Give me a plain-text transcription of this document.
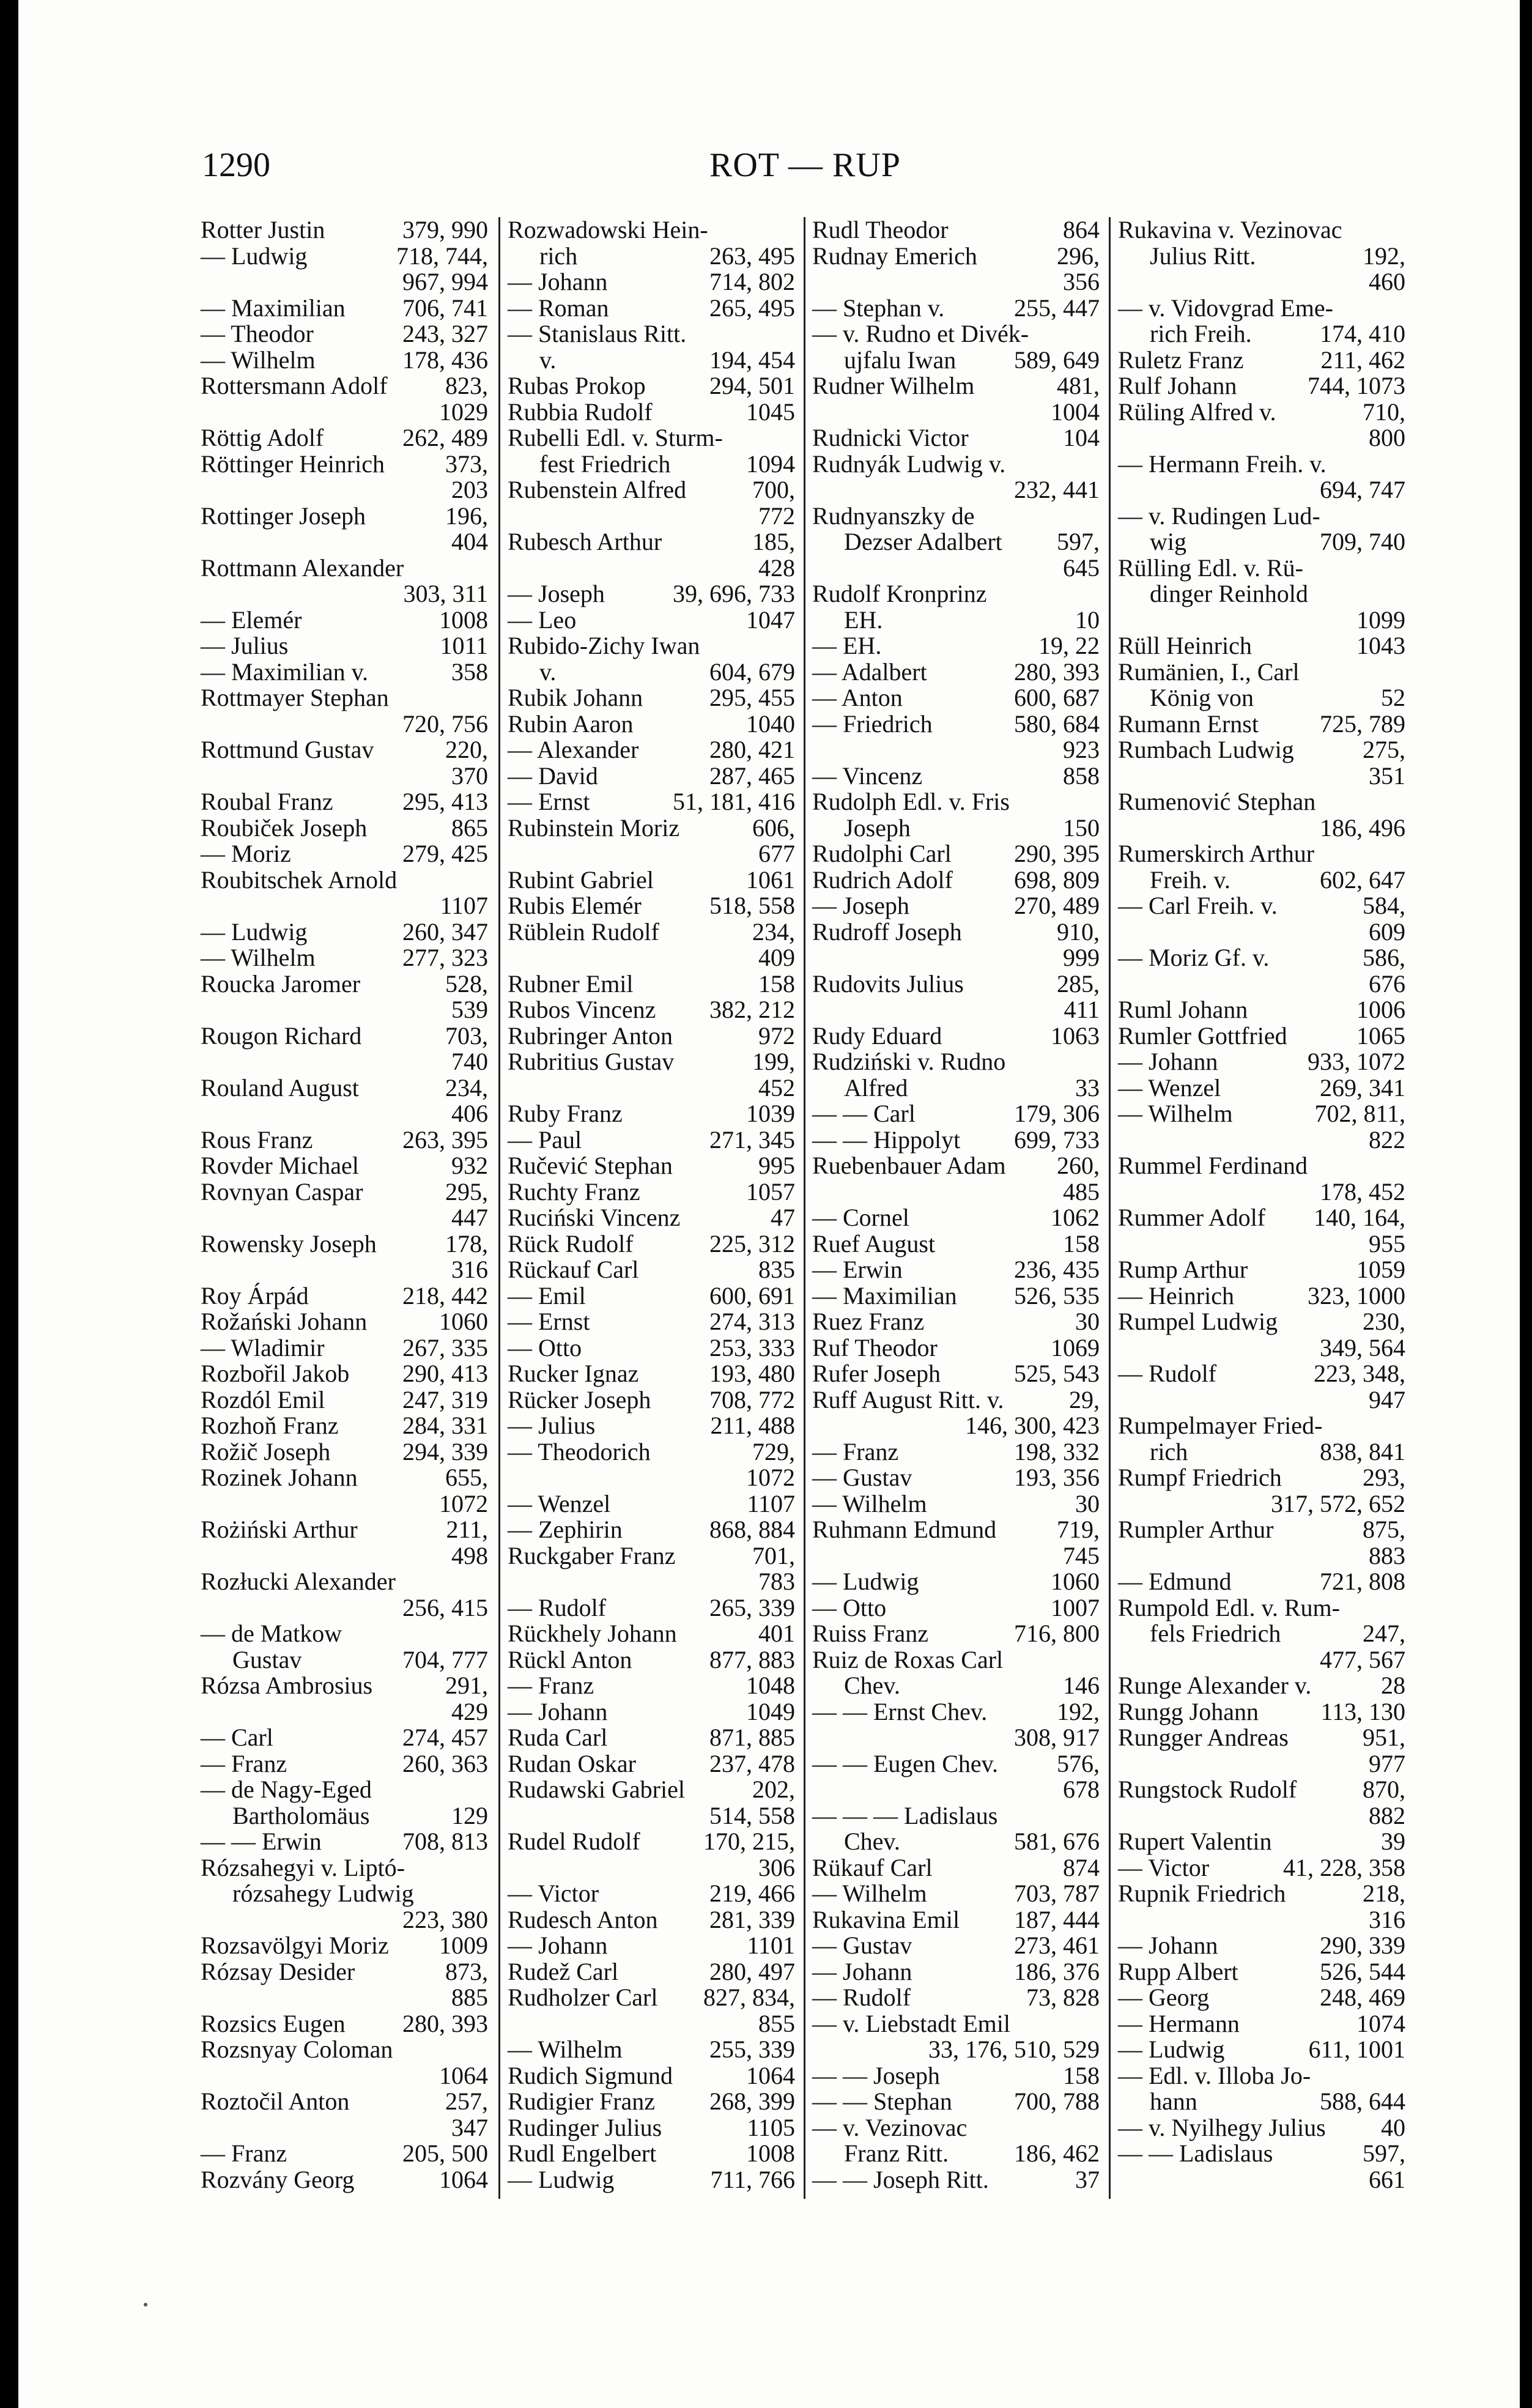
1290	ROT — RUP
Rotter Justin	379, 990
— Ludwig	718, 744,
967, 994
— Maximilian 706, 741
— Theodor	243, 327
— Wilhelm	178, 436
Rottersmann Adolf 823,
1029
Röttig Adolf	262, 489
Röttinger Heinrich 373,
203
Rottinger Joseph	196,
404
Rottmann Alexander
303, 311
— Elemér	1008
— Julius	1011
— Maximilian v.	358
Rottmayer Stephan
720, 756
Rottmund Gustav	220,
370
Roubal Franz	295, 413
Roubiček Joseph	865
— Moriz	279, 425
Roubitschek Arnold
1107
— Ludwig	260, 347
— Wilhelm	277, 323
Roucka Jaromer	528,
539
Rougon Richard	703,
740
Rouland August	234,
406
Rous Franz	263, 395
Rovder Michael	932
Rovnyan Caspar	295,
447
Rowensky Joseph	178,
316
Roy Árpád	218, 442
Rožański Johann	1060
— Wladimir	267, 335
Rozbořil Jakob 290, 413
Rozdól Emil	247, 319
Rozhoň Franz	284, 331
Rožič Joseph	294, 339
Rozinek Johann	655,
1072
Rożiński Arthur	211,
498
Rozłucki Alexander
256, 415
— de Matkow
Gustav	704, 777
Rózsa Ambrosius	291,
429
— Carl	274, 457
— Franz	260, 363
— de Nagy-Eged
Bartholomäus	129
— — Erwin	708, 813
Rózsahegyi v. Liptó-
rózsahegy Ludwig
223, 380
Rozsavölgyi Moriz 1009
Rózsay Desider	873,
885
Rozsics Eugen 280, 393
Rozsnyay Coloman
1064
Roztočil Anton	257,
347
— Franz	205, 500
Rozvány Georg	1064
Rozwadowski Hein-
rich	263, 495
— Johann	714, 802
— Roman	265, 495
— Stanislaus Ritt.
v.	194, 454
Rubas Prokop	294, 501
Rubbia Rudolf	1045
Rubelli Edl. v. Sturm-
fest Friedrich	1094
Rubenstein Alfred	700,
772
Rubesch Arthur	185,
428
— Joseph	39, 696, 733
— Leo	1047
Rubido-Zichy Iwan
v.	604, 679
Rubik Johann	295, 455
Rubin Aaron	1040
— Alexander	280, 421
— David	287, 465
— Ernst	51, 181, 416
Rubinstein Moriz	606,
677
Rubint Gabriel	1061
Rubis Elemér	518, 558
Rüblein Rudolf	234,
409
Rubner Emil	158
Rubos Vincenz 382, 212
Rubringer Anton	972
Rubritius Gustav	199,
452
Ruby Franz	1039
— Paul	271, 345
Ručević Stephan	995
Ruchty Franz	1057
Ruciński Vincenz	47
Rück Rudolf	225, 312
Rückauf Carl	835
— Emil	600, 691
— Ernst	274, 313
— Otto	253, 333
Rucker Ignaz	193, 480
Rücker Joseph 708, 772
— Julius	211, 488
— Theodorich	729,
1072
— Wenzel	1107
— Zephirin	868, 884
Ruckgaber Franz	701,
783
— Rudolf	265, 339
Rückhely Johann	401
Rückl Anton	877, 883
— Franz	1048
— Johann	1049
Ruda Carl	871, 885
Rudan Oskar	237, 478
Rudawski Gabriel	202,
514, 558
Rudel Rudolf	170, 215,
306
— Victor	219, 466
Rudesch Anton 281, 339
— Johann	1101
Rudež Carl	280, 497
Rudholzer Carl 827, 834,
855
— Wilhelm	255, 339
Rudich Sigmund	1064
Rudigier Franz 268, 399
Rudinger Julius	1105
Rudl Engelbert	1008
— Ludwig	711, 766
Rudl Theodor	864
Rudnay Emerich	296,
356
— Stephan v.	255, 447
— v. Rudno et Divék-
ujfalu Iwan 589, 649
Rudner Wilhelm	481,
1004
Rudnicki Victor	104
Rudnyák Ludwig v.
232, 441
Rudnyanszky de
Dezser Adalbert 597,
645
Rudolf Kronprinz
EH.	10
— EH.	19, 22
— Adalbert	280, 393
— Anton	600, 687
— Friedrich	580, 684
923
— Vincenz	858
Rudolph Edl. v. Fris
Joseph	150
Rudolphi Carl	290, 395
Rudrich Adolf	698, 809
— Joseph	270, 489
Rudroff Joseph	910,
999
Rudovits Julius	285,
411
Rudy Eduard	1063
Rudziński v. Rudno
Alfred	33
— — Carl	179, 306
— — Hippolyt 699, 733
Ruebenbauer Adam 260,
485
— Cornel	1062
Ruef August	158
— Erwin	236, 435
— Maximilian 526, 535
Ruez Franz	30
Ruf Theodor	1069
Rufer Joseph	525, 543
Ruff August Ritt. v.	29,
146, 300, 423
— Franz	198, 332
— Gustav	193, 356
— Wilhelm	30
Ruhmann Edmund 719,
745
— Ludwig	1060
— Otto	1007
Ruiss Franz	716, 800
Ruiz de Roxas Carl
Chev.	146
— — Ernst Chev.	192,
308, 917
— — Eugen Chev. 576,
678
— — — Ladislaus
Chev.	581, 676
Rükauf Carl	874
— Wilhelm	703, 787
Rukavina Emil 187, 444
— Gustav	273, 461
— Johann	186, 376
— Rudolf	73, 828
— v. Liebstadt Emil
33, 176, 510, 529
— — Joseph	158
— — Stephan	700, 788
— v. Vezinovac
Franz Ritt.	186, 462
— — Joseph Ritt.	37
Rukavina v. Vezinovac
Julius Ritt.	192,
460
— v. Vidovgrad Eme-
rich Freih.	174, 410
Ruletz Franz	211, 462
Rulf Johann	744, 1073
Rüling Alfred v.	710,
800
— Hermann Freih. v.
694, 747
— v. Rudingen Lud-
wig	709, 740
Rülling Edl. v. Rü-
dinger Reinhold
1099
Rüll Heinrich	1043
Rumänien, I., Carl
König von	52
Rumann Ernst	725, 789
Rumbach Ludwig	275,
351
Rumenović Stephan
186, 496
Rumerskirch Arthur
Freih. v.	602, 647
— Carl Freih. v.	584,
609
— Moriz Gf. v.	586,
676
Ruml Johann	1006
Rumler Gottfried	1065
— Johann	933, 1072
— Wenzel	269, 341
— Wilhelm	702, 811,
822
Rummel Ferdinand
178, 452
Rummer Adolf 140, 164,
955
Rump Arthur	1059
— Heinrich	323, 1000
Rumpel Ludwig	230,
349, 564
— Rudolf	223, 348,
947
Rumpelmayer Fried-
rich	838, 841
Rumpf Friedrich	293,
317, 572, 652
Rumpler Arthur	875,
883
— Edmund	721, 808
Rumpold Edl. v. Rum-
fels Friedrich	247,
477, 567
Runge Alexander v.	28
Rungg Johann	113, 130
Rungger Andreas	951,
977
Rungstock Rudolf	870,
882
Rupert Valentin	39
— Victor	41, 228, 358
Rupnik Friedrich	218,
316
— Johann	290, 339
Rupp Albert	526, 544
— Georg	248, 469
— Hermann	1074
— Ludwig	611, 1001
— Edl. v. Illoba Jo-
hann	588, 644
— v. Nyilhegy Julius 40
— — Ladislaus	597,
661
